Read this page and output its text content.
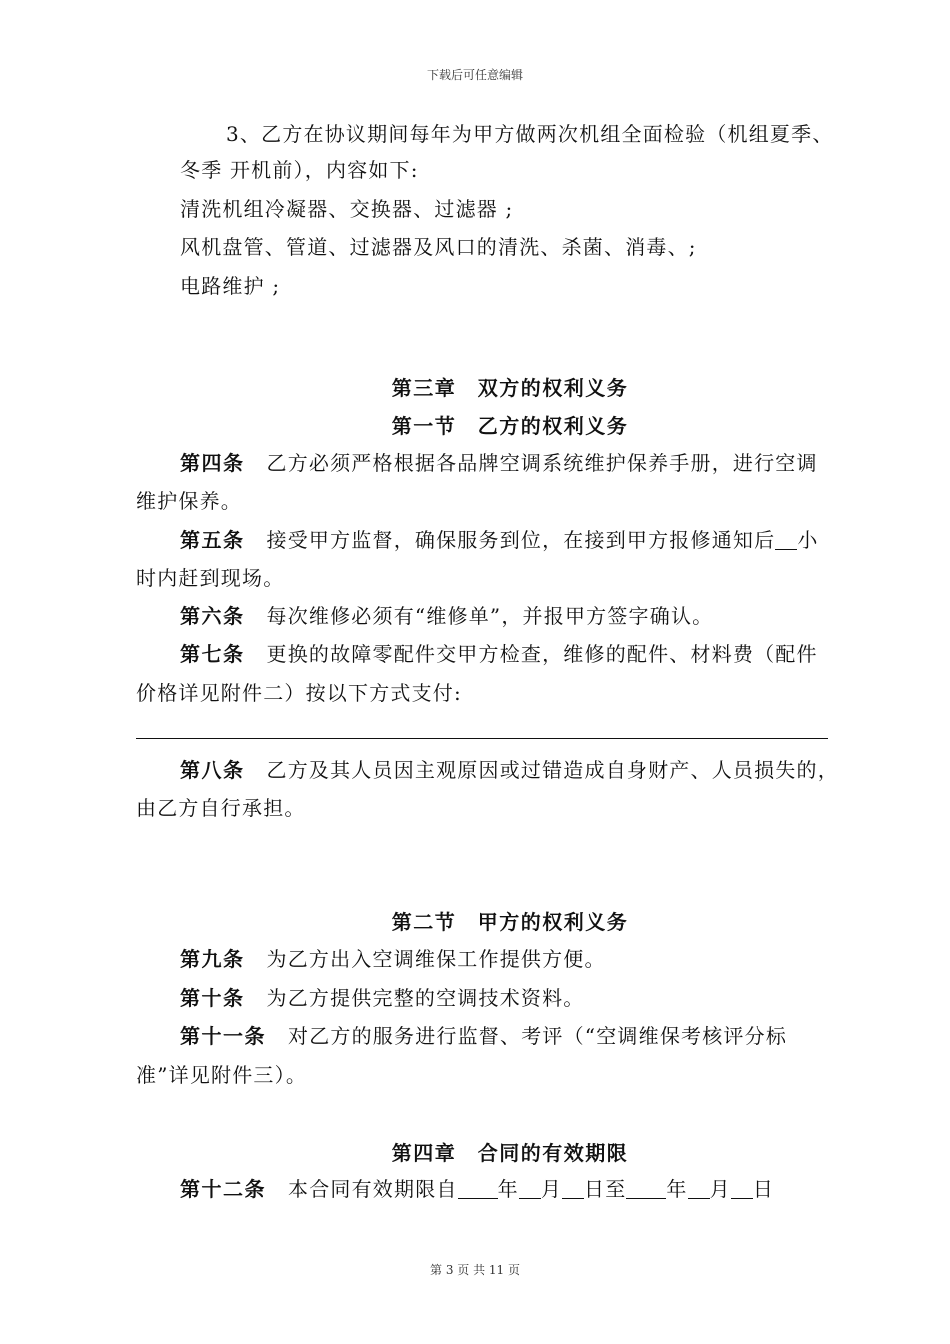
下载后可任意编辑
3、乙方在协议期间每年为甲方做两次机组全面检验（机组夏季、
冬季 开机前），内容如下:
清洗机组冷凝器、交换器、过滤器 ;
风机盘管、管道、过滤器及风口的清洗、杀菌、消毒、;
电路维护 ;
第三章　双方的权利义务
第一节　乙方的权利义务
第四条 乙方必须严格根据各品牌空调系统维护保养手册，进行空调
维护保养。
第五条 接受甲方监督，确保服务到位，在接到甲方报修通知后 小
时内赶到现场。
第六条 每次维修必须有“维修单”，并报甲方签字确认。
第七条 更换的故障零配件交甲方检查，维修的配件、材料费（配件
价格详见附件二）按以下方式支付:
第八条 乙方及其人员因主观原因或过错造成自身财产、人员损失的，
由乙方自行承担。
第二节　甲方的权利义务
第九条 为乙方出入空调维保工作提供方便。
第十条 为乙方提供完整的空调技术资料。
第十一条 对乙方的服务进行监督、考评（“空调维保考核评分标
准”详见附件三）。
第四章　合同的有效期限
第十二条 本合同有效期限自 年 月 日至 年 月 日
第 3 页 共 11 页
